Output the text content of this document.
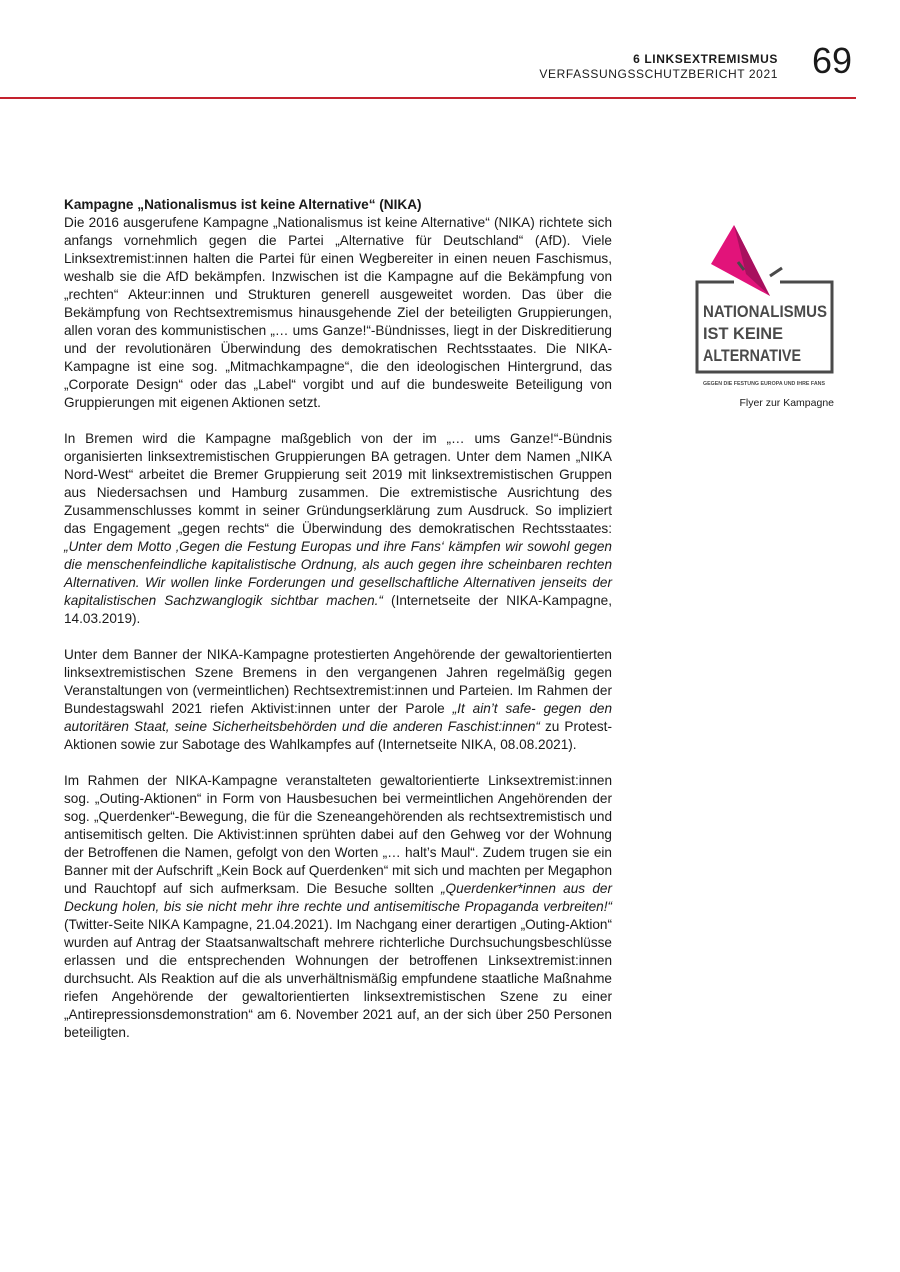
6 LINKSEXTREMISMUS
VERFASSUNGSSCHUTZBERICHT 2021 69
Kampagne „Nationalismus ist keine Alternative“ (NIKA)

Die 2016 ausgerufene Kampagne „Nationalismus ist keine Alternative“ (NIKA) richtete sich anfangs vornehmlich gegen die Partei „Alternative für Deutschland“ (AfD). Viele Linksextremist:innen halten die Partei für einen Wegbereiter in einen neuen Faschismus, weshalb sie die AfD bekämpfen. Inzwischen ist die Kampagne auf die Bekämpfung von „rechten“ Akteur:innen und Strukturen generell ausgeweitet worden. Das über die Bekämpfung von Rechtsextremismus hinausgehende Ziel der beteiligten Gruppierungen, allen voran des kommunistischen „… ums Ganze!“-Bündnisses, liegt in der Diskreditierung und der revolutionären Überwindung des demokratischen Rechtsstaates. Die NIKA-Kampagne ist eine sog. „Mitmachkampagne“, die den ideologischen Hintergrund, das „Corporate Design“ oder das „Label“ vorgibt und auf die bundesweite Beteiligung von Gruppierungen mit eigenen Aktionen setzt.

In Bremen wird die Kampagne maßgeblich von der im „… ums Ganze!“-Bündnis organisierten linksextremistischen Gruppierungen BA getragen. Unter dem Namen „NIKA Nord-West“ arbeitet die Bremer Gruppierung seit 2019 mit linksextremistischen Gruppen aus Niedersachsen und Hamburg zusammen. Die extremistische Ausrichtung des Zusammenschlusses kommt in seiner Gründungserklärung zum Ausdruck. So impliziert das Engagement „gegen rechts“ die Überwindung des demokratischen Rechtsstaates: „Unter dem Motto ‚Gegen die Festung Europas und ihre Fans‘ kämpfen wir sowohl gegen die menschenfeindliche kapitalistische Ordnung, als auch gegen ihre scheinbaren rechten Alternativen. Wir wollen linke Forderungen und gesellschaftliche Alternativen jenseits der kapitalistischen Sachzwanglogik sichtbar machen.“ (Internetseite der NIKA-Kampagne, 14.03.2019).

Unter dem Banner der NIKA-Kampagne protestierten Angehörende der gewaltorientierten linksextremistischen Szene Bremens in den vergangenen Jahren regelmäßig gegen Veranstaltungen von (vermeintlichen) Rechtsextremist:innen und Parteien. Im Rahmen der Bundestagswahl 2021 riefen Aktivist:innen unter der Parole „It ain’t safe- gegen den autoritären Staat, seine Sicherheitsbehörden und die anderen Faschist:innen“ zu Protest-Aktionen sowie zur Sabotage des Wahlkampfes auf (Internetseite NIKA, 08.08.2021).

Im Rahmen der NIKA-Kampagne veranstalteten gewaltorientierte Linksextremist:innen sog. „Outing-Aktionen“ in Form von Hausbesuchen bei vermeintlichen Angehörenden der sog. „Querdenker“-Bewegung, die für die Szeneangehörenden als rechtsextremistisch und antisemitisch gelten. Die Aktivist:innen sprühten dabei auf den Gehweg vor der Wohnung der Betroffenen die Namen, gefolgt von den Worten „… halt’s Maul“. Zudem trugen sie ein Banner mit der Aufschrift „Kein Bock auf Querdenken“ mit sich und machten per Megaphon und Rauchtopf auf sich aufmerksam. Die Besuche sollten „Querdenker*innen aus der Deckung holen, bis sie nicht mehr ihre rechte und antisemitische Propaganda verbreiten!“ (Twitter-Seite NIKA Kampagne, 21.04.2021). Im Nachgang einer derartigen „Outing-Aktion“ wurden auf Antrag der Staatsanwaltschaft mehrere richterliche Durchsuchungsbeschlüsse erlassen und die entsprechenden Wohnungen der betroffenen Linksextremist:innen durchsucht. Als Reaktion auf die als unverhältnismäßig empfundene staatliche Maßnahme riefen Angehörende der gewaltorientierten linksextremistischen Szene zu einer „Antirepressionsdemonstration“ am 6. November 2021 auf, an der sich über 250 Personen beteiligten.

NATIONALISMUS
IST KEINE
ALTERNATIVE
GEGEN DIE FESTUNG EUROPA UND IHRE FANS
Flyer zur Kampagne
